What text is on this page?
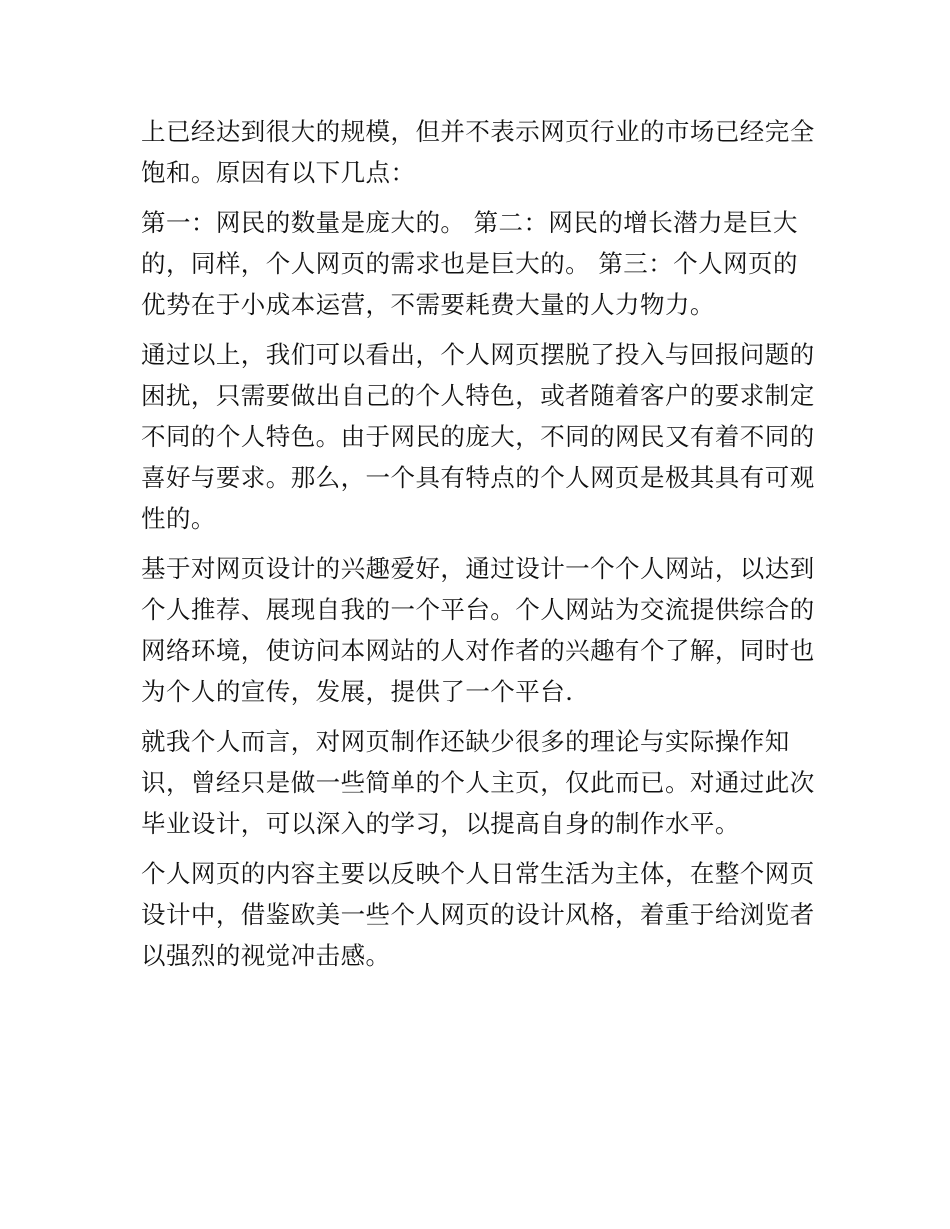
上已经达到很大的规模，但并不表示网页行业的市场已经完全
饱和。原因有以下几点：
第一：网民的数量是庞大的。 第二：网民的增长潜力是巨大
的，同样，个人网页的需求也是巨大的。 第三：个人网页的
优势在于小成本运营，不需要耗费大量的人力物力。
通过以上，我们可以看出，个人网页摆脱了投入与回报问题的
困扰，只需要做出自己的个人特色，或者随着客户的要求制定
不同的个人特色。由于网民的庞大，不同的网民又有着不同的
喜好与要求。那么，一个具有特点的个人网页是极其具有可观
性的。
基于对网页设计的兴趣爱好，通过设计一个个人网站，以达到
个人推荐、展现自我的一个平台。个人网站为交流提供综合的
网络环境，使访问本网站的人对作者的兴趣有个了解，同时也
为个人的宣传，发展，提供了一个平台.
就我个人而言，对网页制作还缺少很多的理论与实际操作知
识，曾经只是做一些简单的个人主页，仅此而已。对通过此次
毕业设计，可以深入的学习，以提高自身的制作水平。
个人网页的内容主要以反映个人日常生活为主体，在整个网页
设计中，借鉴欧美一些个人网页的设计风格，着重于给浏览者
以强烈的视觉冲击感。
